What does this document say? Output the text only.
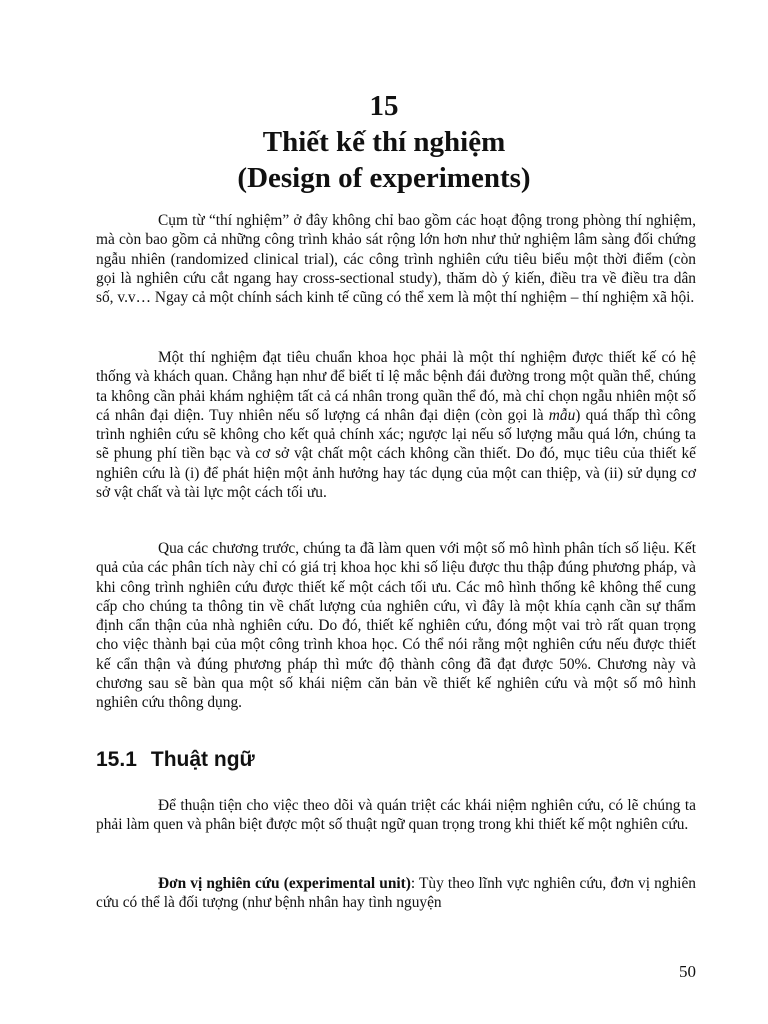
15
Thiết kế thí nghiệm
(Design of experiments)

Cụm từ “thí nghiệm” ở đây không chỉ bao gồm các hoạt động trong phòng thí nghiệm, mà còn bao gồm cả những công trình khảo sát rộng lớn hơn như thử nghiệm lâm sàng đối chứng ngẫu nhiên (randomized clinical trial), các công trình nghiên cứu tiêu biểu một thời điểm (còn gọi là nghiên cứu cắt ngang hay cross-sectional study), thăm dò ý kiến, điều tra về điều tra dân số, v.v… Ngay cả một chính sách kinh tế cũng có thể xem là một thí nghiệm – thí nghiệm xã hội.

Một thí nghiệm đạt tiêu chuẩn khoa học phải là một thí nghiệm được thiết kế có hệ thống và khách quan. Chẳng hạn như để biết tỉ lệ mắc bệnh đái đường trong một quần thể, chúng ta không cần phải khám nghiệm tất cả cá nhân trong quần thể đó, mà chỉ chọn ngẫu nhiên một số cá nhân đại diện. Tuy nhiên nếu số lượng cá nhân đại diện (còn gọi là mẫu) quá thấp thì công trình nghiên cứu sẽ không cho kết quả chính xác; ngược lại nếu số lượng mẫu quá lớn, chúng ta sẽ phung phí tiền bạc và cơ sở vật chất một cách không cần thiết. Do đó, mục tiêu của thiết kế nghiên cứu là (i) để phát hiện một ảnh hưởng hay tác dụng của một can thiệp, và (ii) sử dụng cơ sở vật chất và tài lực một cách tối ưu.

Qua các chương trước, chúng ta đã làm quen với một số mô hình phân tích số liệu. Kết quả của các phân tích này chỉ có giá trị khoa học khi số liệu được thu thập đúng phương pháp, và khi công trình nghiên cứu được thiết kế một cách tối ưu. Các mô hình thống kê không thể cung cấp cho chúng ta thông tin về chất lượng của nghiên cứu, vì đây là một khía cạnh cần sự thẩm định cẩn thận của nhà nghiên cứu. Do đó, thiết kế nghiên cứu, đóng một vai trò rất quan trọng cho việc thành bại của một công trình khoa học. Có thể nói rằng một nghiên cứu nếu được thiết kế cẩn thận và đúng phương pháp thì mức độ thành công đã đạt được 50%. Chương này và chương sau sẽ bàn qua một số khái niệm căn bản về thiết kế nghiên cứu và một số mô hình nghiên cứu thông dụng.

15.1 Thuật ngữ

Để thuận tiện cho việc theo dõi và quán triệt các khái niệm nghiên cứu, có lẽ chúng ta phải làm quen và phân biệt được một số thuật ngữ quan trọng trong khi thiết kế một nghiên cứu.

Đơn vị nghiên cứu (experimental unit): Tùy theo lĩnh vực nghiên cứu, đơn vị nghiên cứu có thể là đối tượng (như bệnh nhân hay tình nguyện

50
